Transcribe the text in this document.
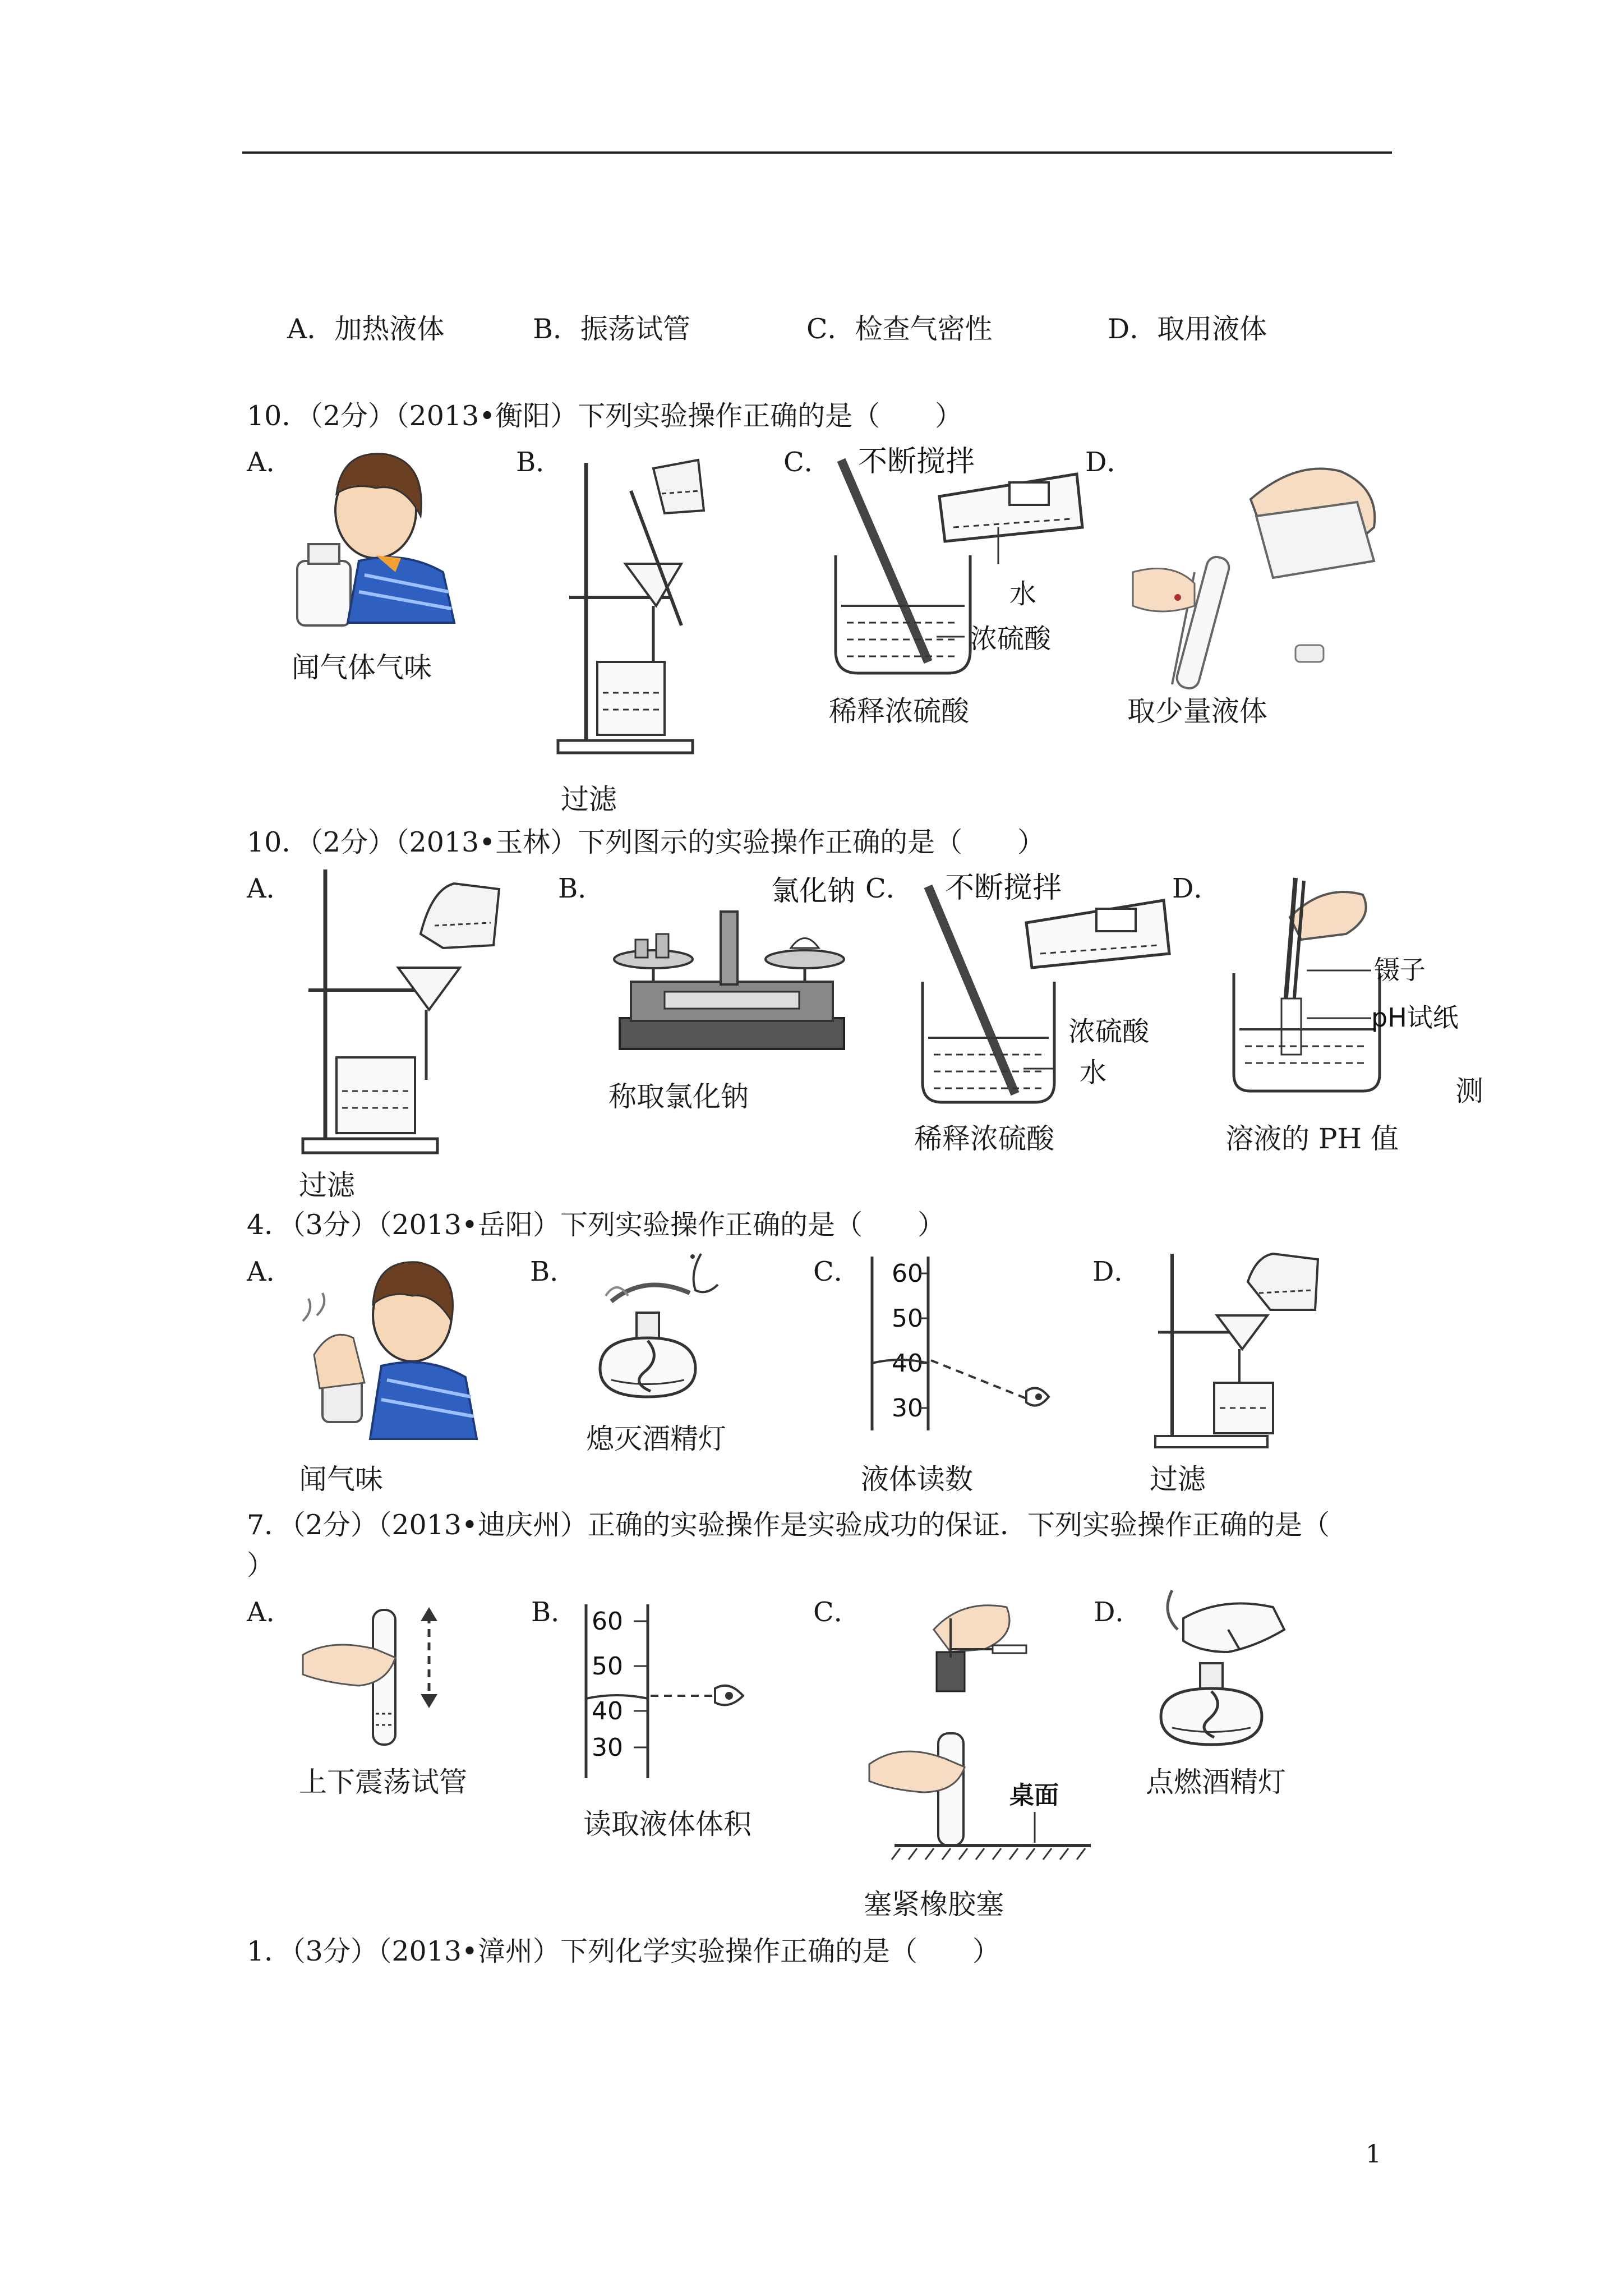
A．加热液体	B．振荡试管	C．检查气密性	D．取用液体
10．（2分）（2013•衡阳）下列实验操作正确的是（　　）
A．
闻气体气味
B．
过滤
C． 不断搅拌
水
浓硫酸
稀释浓硫酸
D．
取少量液体
10．（2分）（2013•玉林）下列图示的实验操作正确的是（　　）
A．
过滤
B．	氯化钠
称取氯化钠
C． 不断搅拌
浓硫酸
水
稀释浓硫酸
D．
镊子
pH试纸
测
溶液的 PH 值
4．（3分）（2013•岳阳）下列实验操作正确的是（　　）
A．
闻气味
B．
熄灭酒精灯
C． 60
50
40
30
液体读数
D．
过滤
7．（2分）（2013•迪庆州）正确的实验操作是实验成功的保证．下列实验操作正确的是（
）
A．
上下震荡试管
B． 60
50
40
30
读取液体体积
C．
桌面
塞紧橡胶塞
D．
点燃酒精灯
1．（3分）（2013•漳州）下列化学实验操作正确的是（　　）
1
